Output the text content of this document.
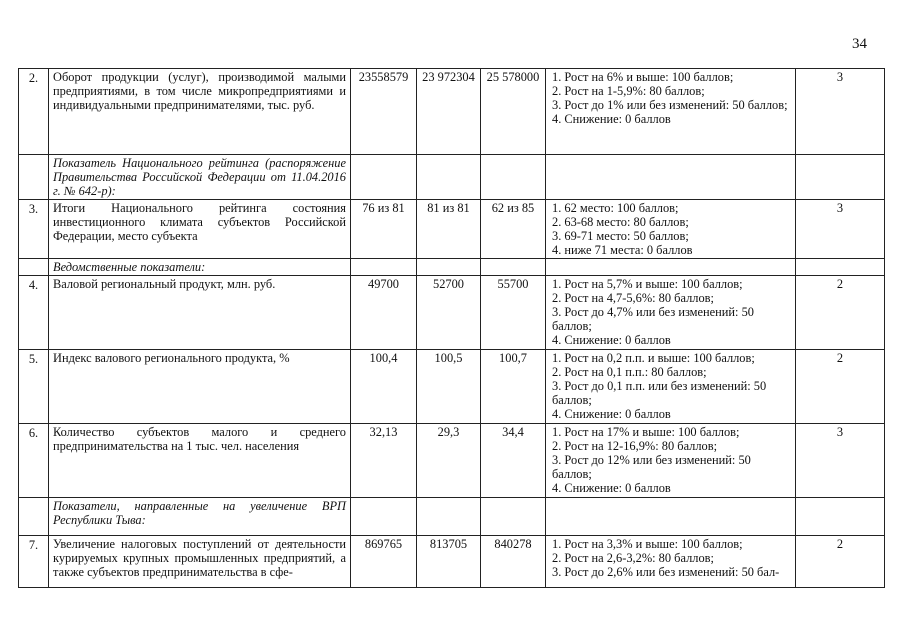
34
2.	Оборот продукции (услуг), производимой малыми предприятиями, в том числе микропредприятиями и индивидуальными предпринимателями, тыс. руб.	23558579	23 972304	25 578000	1. Рост на 6% и выше: 100 баллов;
2. Рост на 1-5,9%: 80 баллов;
3. Рост до 1% или без изменений: 50 баллов;
4. Снижение: 0 баллов	3
	Показатель Национального рейтинга (распоряжение Правительства Российской Федерации от 11.04.2016 г. № 642-р):					
3.	Итоги Национального рейтинга состояния инвестиционного климата субъектов Российской Федерации, место субъекта	76 из 81	81 из 81	62 из 85	1. 62 место: 100 баллов;
2. 63-68 место: 80 баллов;
3. 69-71 место: 50 баллов;
4. ниже 71 места: 0 баллов	3
	Ведомственные показатели:					
4.	Валовой региональный продукт, млн. руб.	49700	52700	55700	1. Рост на 5,7% и выше: 100 баллов;
2. Рост на 4,7-5,6%: 80 баллов;
3. Рост до 4,7% или без изменений: 50 баллов;
4. Снижение: 0 баллов	2
5.	Индекс валового регионального продукта, %	100,4	100,5	100,7	1. Рост на 0,2 п.п. и выше: 100 баллов;
2. Рост на 0,1 п.п.: 80 баллов;
3. Рост до 0,1 п.п. или без изменений: 50 баллов;
4. Снижение: 0 баллов	2
6.	Количество субъектов малого и среднего предпринимательства на 1 тыс. чел. населения	32,13	29,3	34,4	1. Рост на 17% и выше: 100 баллов;
2. Рост на 12-16,9%: 80 баллов;
3. Рост до 12% или без изменений: 50 баллов;
4. Снижение: 0 баллов	3
	Показатели, направленные на увеличение ВРП Республики Тыва:					
7.	Увеличение налоговых поступлений от деятельности курируемых крупных промышленных предприятий, а также субъектов предпринимательства в сфе-	869765	813705	840278	1. Рост на 3,3% и выше: 100 баллов;
2. Рост на 2,6-3,2%: 80 баллов;
3. Рост до 2,6% или без изменений: 50 бал-	2
